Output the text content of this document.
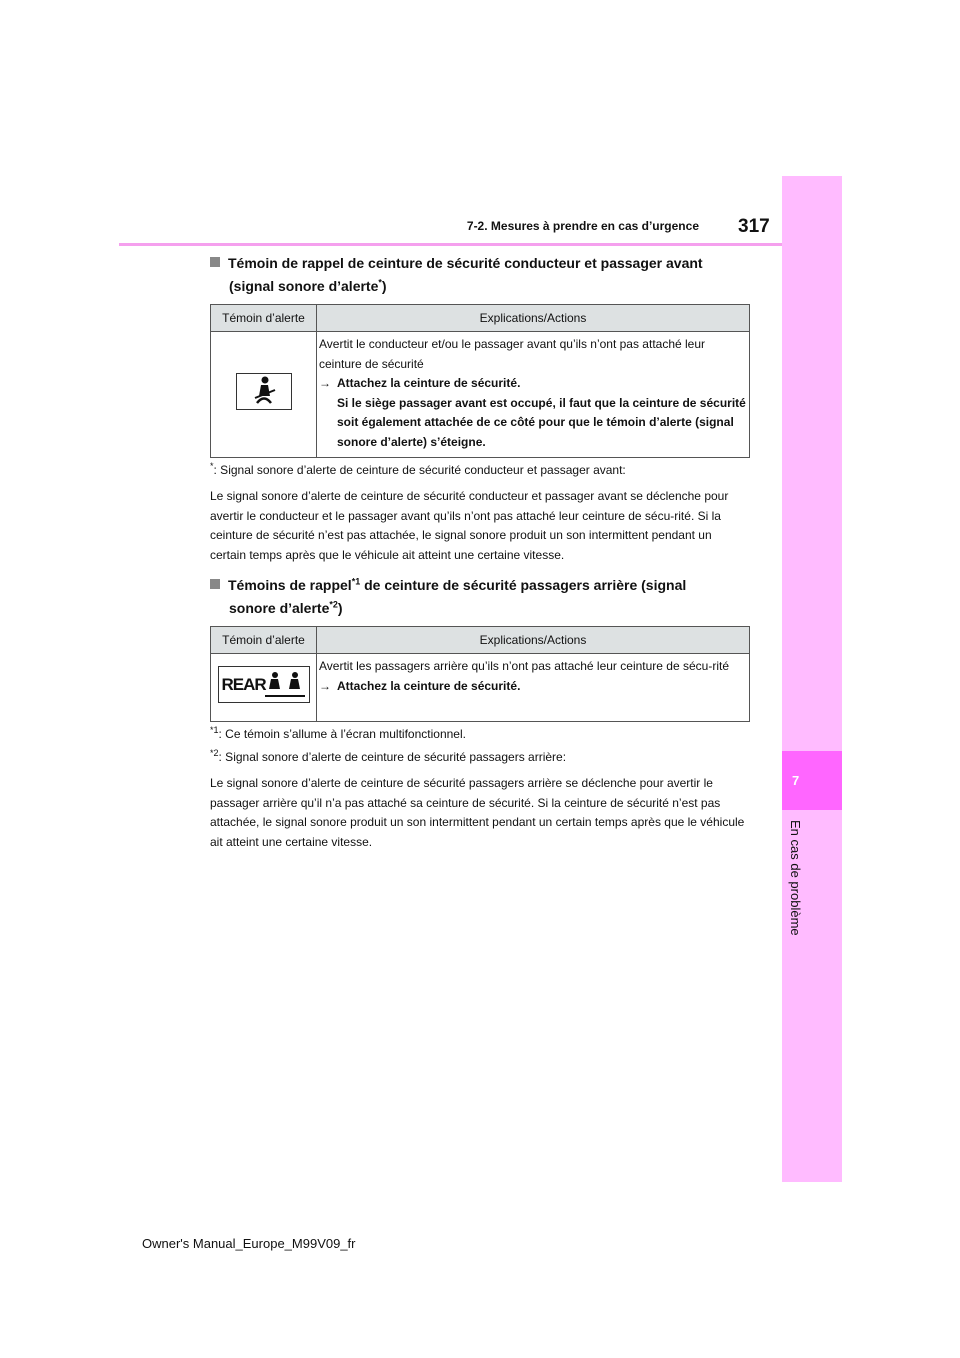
7
En cas de problème
7-2. Mesures à prendre en cas d’urgence 317
Témoin de rappel de ceinture de sécurité conducteur et passager avant
(signal sonore d’alerte*)
Témoin d’alerte	Explications/Actions

Avertit le conducteur et/ou le passager avant qu’ils n’ont pas attaché leur ceinture de sécurité
→ Attachez la ceinture de sécurité.
Si le siège passager avant est occupé, il faut que la ceinture de sécurité soit également attachée de ce côté pour que le témoin d’alerte (signal sonore d’alerte) s’éteigne.

*: Signal sonore d’alerte de ceinture de sécurité conducteur et passager avant:

Le signal sonore d’alerte de ceinture de sécurité conducteur et passager avant se déclenche pour avertir le conducteur et le passager avant qu’ils n’ont pas attaché leur ceinture de sécu-rité. Si la ceinture de sécurité n’est pas attachée, le signal sonore produit un son intermittent pendant un certain temps après que le véhicule ait atteint une certaine vitesse.

Témoins de rappel$^{*1}$ de ceinture de sécurité passagers arrière (signal
sonore d’alerte$^{*2}$)
Témoin d’alerte	Explications/Actions

REAR	Avertit les passagers arrière qu’ils n’ont pas attaché leur ceinture de sécu-rité
→ Attachez la ceinture de sécurité.

$^{*1}$: Ce témoin s’allume à l’écran multifonctionnel.

$^{*2}$: Signal sonore d’alerte de ceinture de sécurité passagers arrière:

Le signal sonore d’alerte de ceinture de sécurité passagers arrière se déclenche pour avertir le passager arrière qu’il n’a pas attaché sa ceinture de sécurité. Si la ceinture de sécurité n’est pas attachée, le signal sonore produit un son intermittent pendant un certain temps après que le véhicule ait atteint une certaine vitesse.

Owner's Manual_Europe_M99V09_fr
